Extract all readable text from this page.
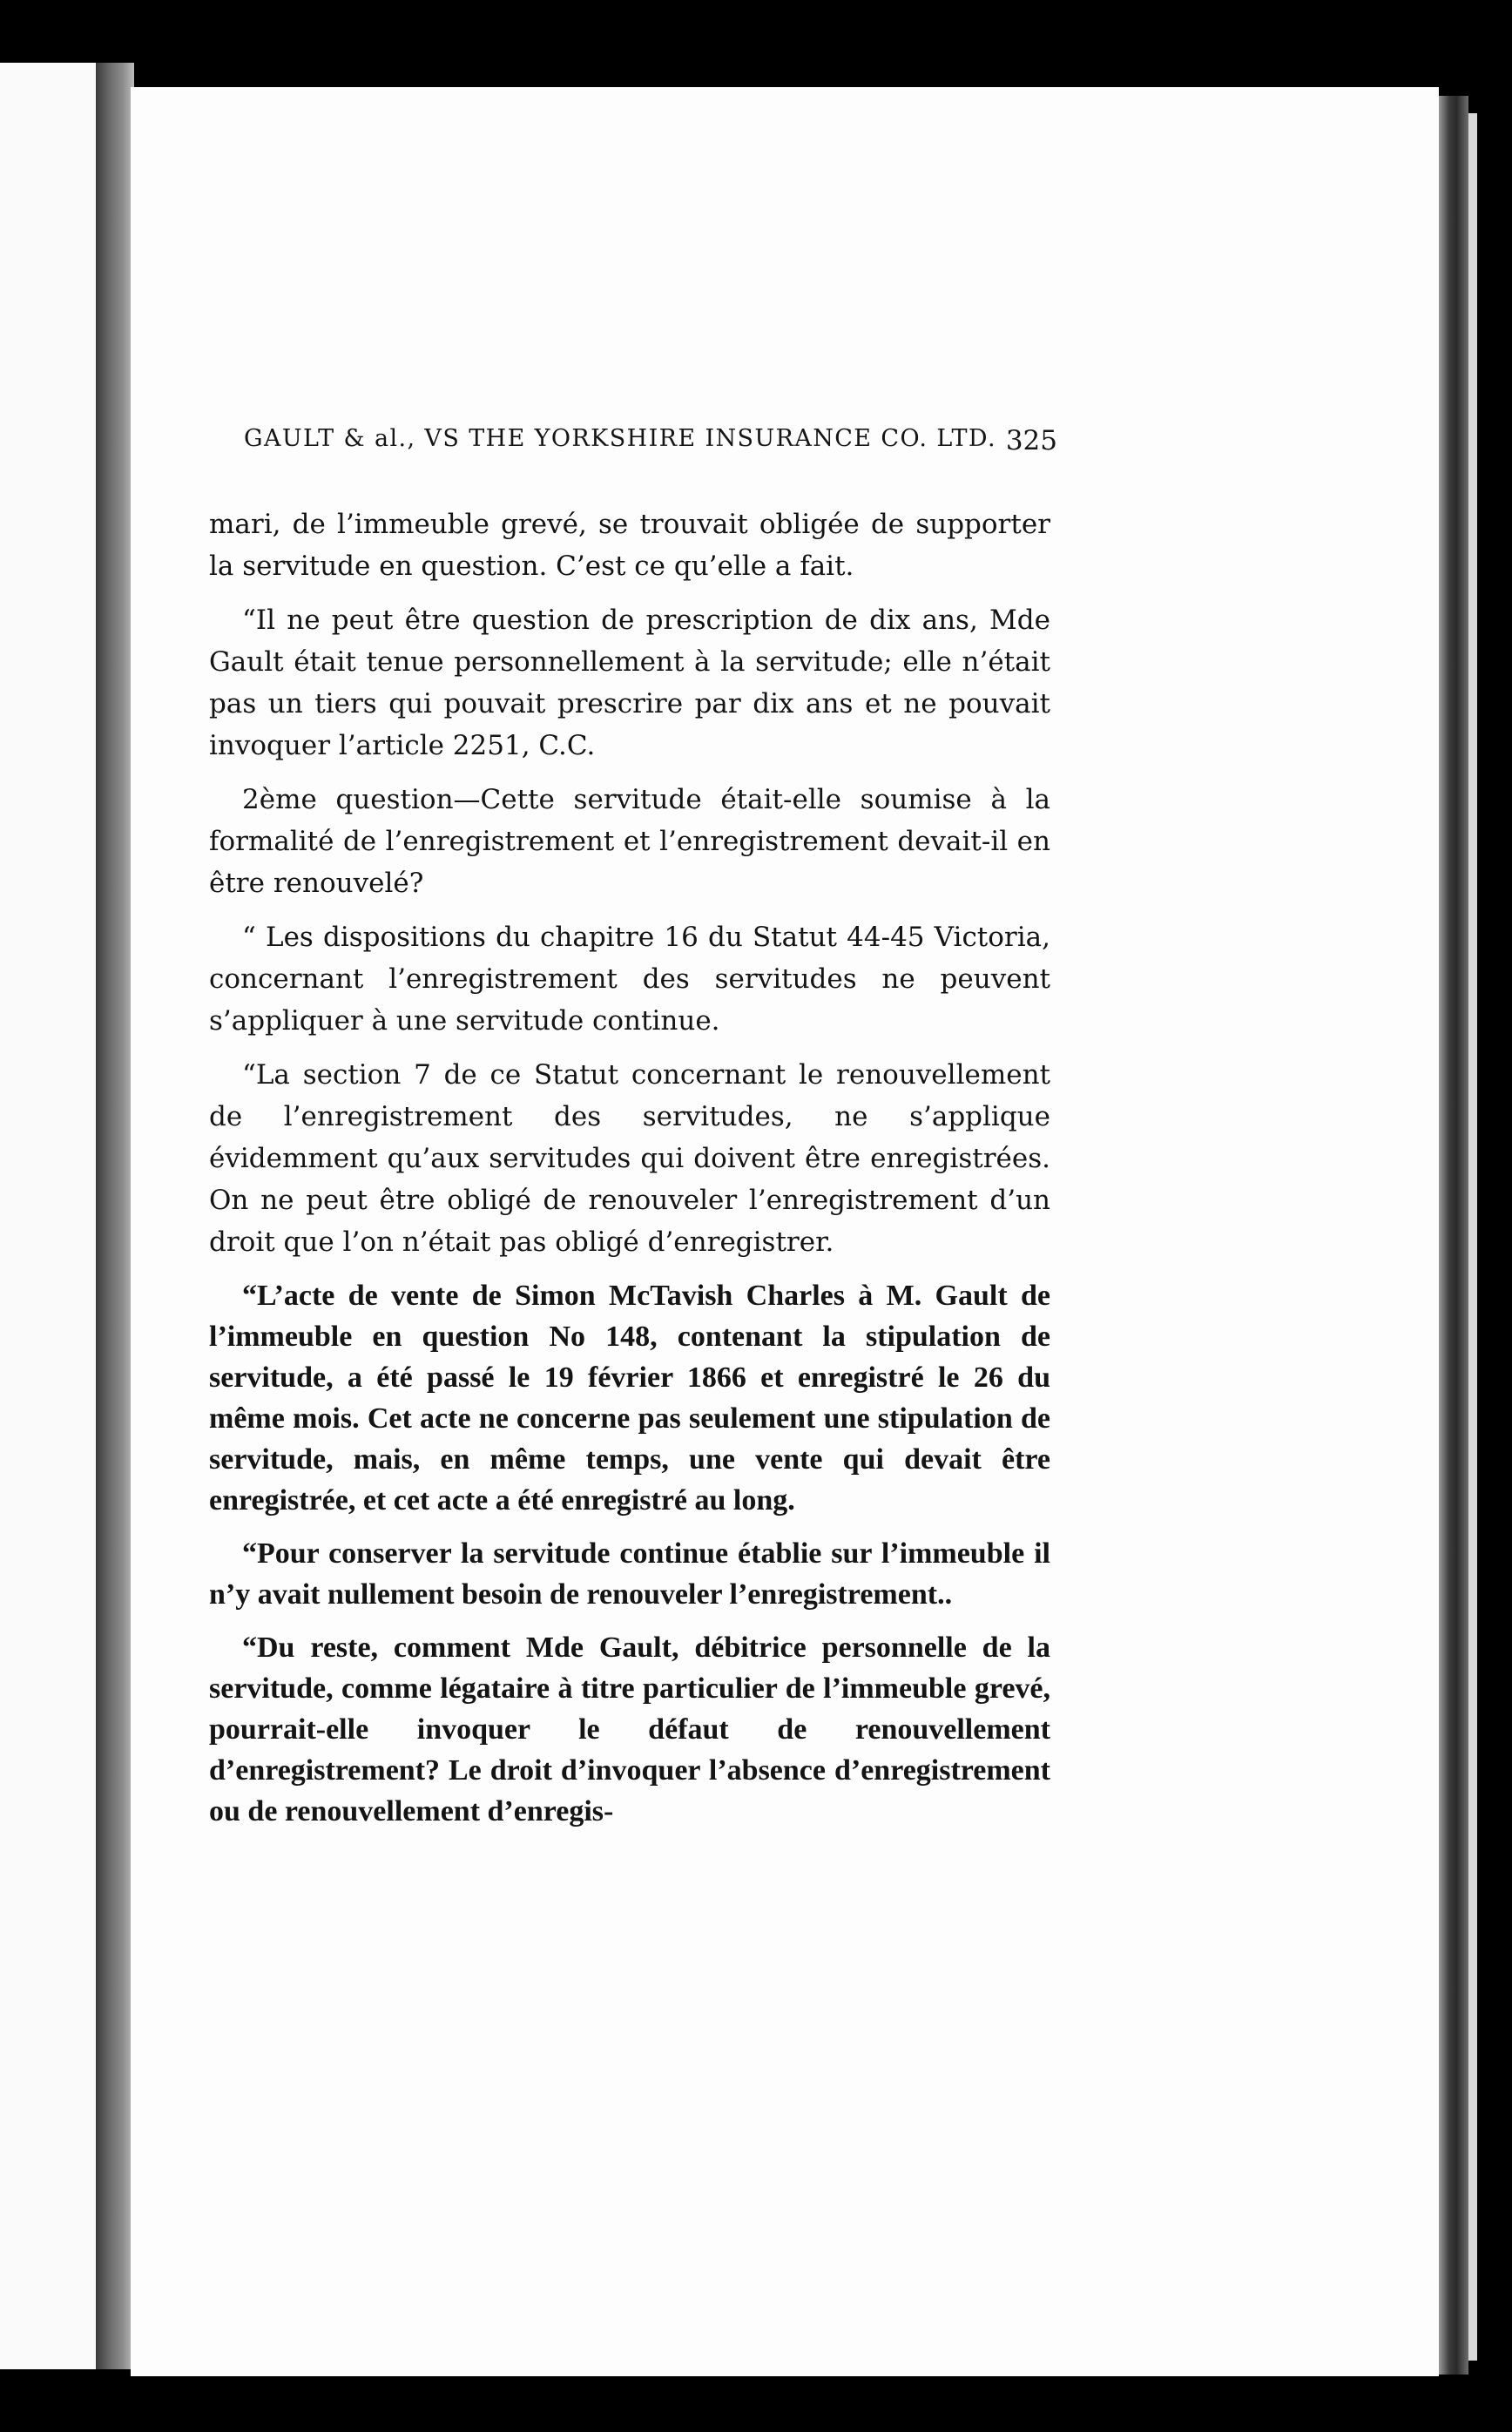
GAULT & al., VS THE YORKSHIRE INSURANCE CO. LTD. 325

mari, de l’immeuble grevé, se trouvait obligée de supporter la servitude en question. C’est ce qu’elle a fait.

“Il ne peut être question de prescription de dix ans, Mde Gault était tenue personnellement à la servitude; elle n’était pas un tiers qui pouvait prescrire par dix ans et ne pouvait invoquer l’article 2251, C.C.

2ème question—Cette servitude était-elle soumise à la formalité de l’enregistrement et l’enregistrement devait-il en être renouvelé?

“ Les dispositions du chapitre 16 du Statut 44-45 Victoria, concernant l’enregistrement des servitudes ne peuvent s’appliquer à une servitude continue.

“La section 7 de ce Statut concernant le renouvellement de l’enregistrement des servitudes, ne s’applique évidemment qu’aux servitudes qui doivent être enregistrées. On ne peut être obligé de renouveler l’enregistrement d’un droit que l’on n’était pas obligé d’enregistrer.

“L’acte de vente de Simon McTavish Charles à M. Gault de l’immeuble en question No 148, contenant la stipulation de servitude, a été passé le 19 février 1866 et enregistré le 26 du même mois. Cet acte ne concerne pas seulement une stipulation de servitude, mais, en même temps, une vente qui devait être enregistrée, et cet acte a été enregistré au long.

“Pour conserver la servitude continue établie sur l’immeuble il n’y avait nullement besoin de renouveler l’enregistrement..

“Du reste, comment Mde Gault, débitrice personnelle de la servitude, comme légataire à titre particulier de l’immeuble grevé, pourrait-elle invoquer le défaut de renouvellement d’enregistrement? Le droit d’invoquer l’absence d’enregistrement ou de renouvellement d’enregis-
